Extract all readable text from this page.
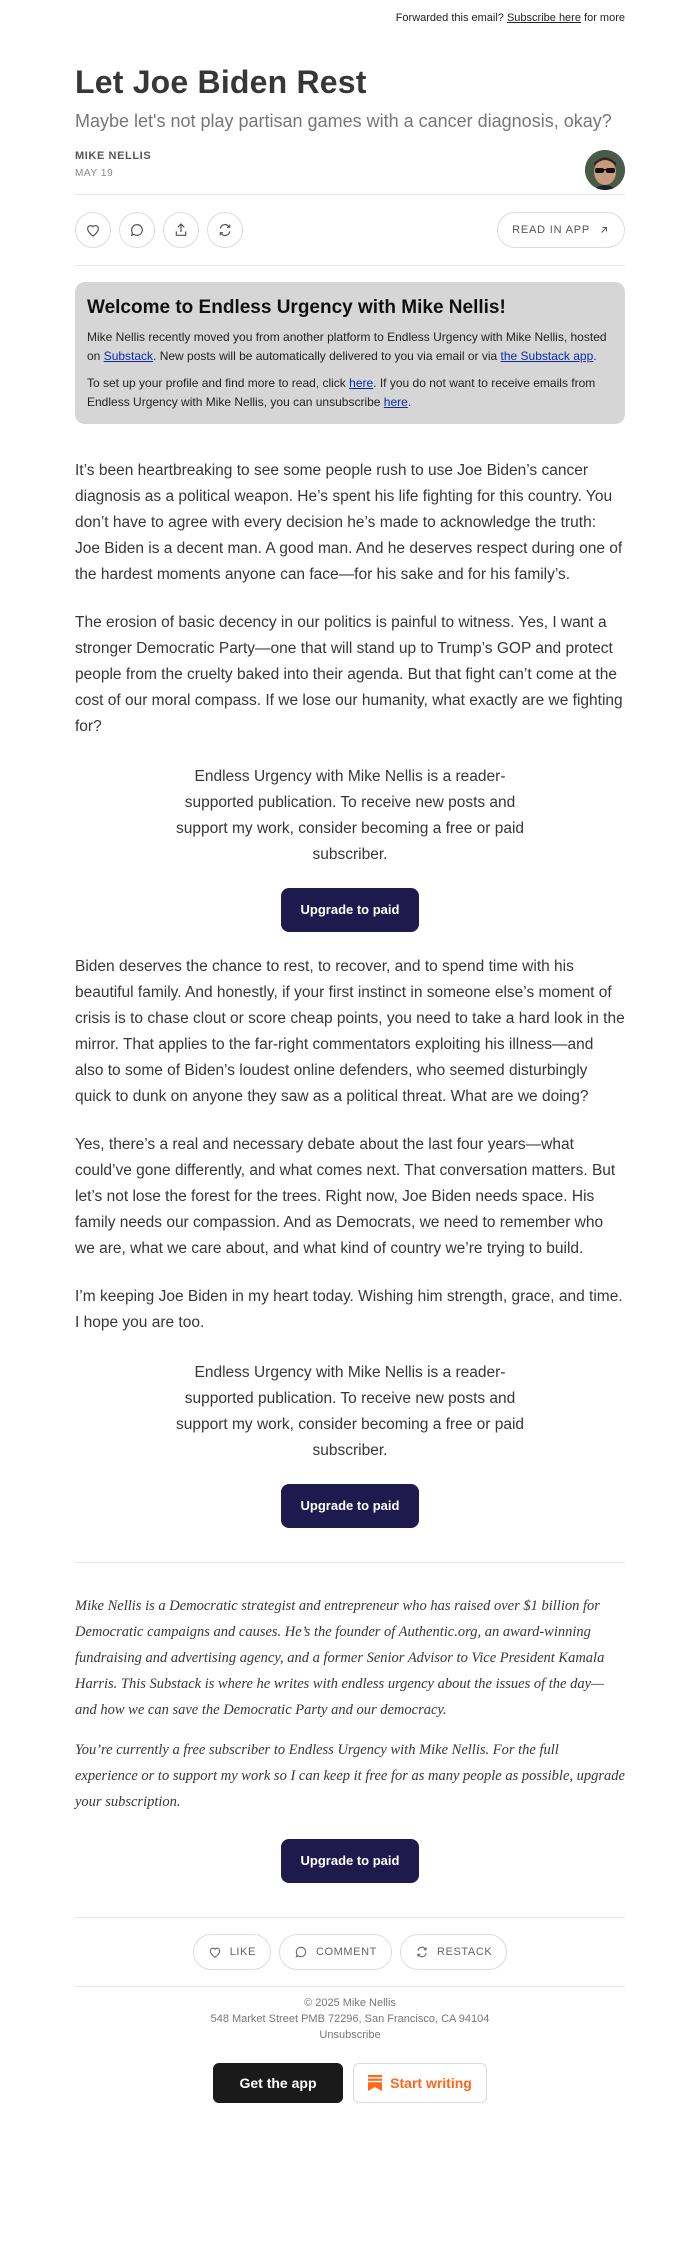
Forwarded this email? Subscribe here for more
Let Joe Biden Rest
Maybe let's not play partisan games with a cancer diagnosis, okay?
MIKE NELLIS
MAY 19
READ IN APP
Welcome to Endless Urgency with Mike Nellis!

Mike Nellis recently moved you from another platform to Endless Urgency with Mike Nellis, hosted on Substack. New posts will be automatically delivered to you via email or via the Substack app.

To set up your profile and find more to read, click here. If you do not want to receive emails from Endless Urgency with Mike Nellis, you can unsubscribe here.

It’s been heartbreaking to see some people rush to use Joe Biden’s cancer diagnosis as a political weapon. He’s spent his life fighting for this country. You don’t have to agree with every decision he’s made to acknowledge the truth: Joe Biden is a decent man. A good man. And he deserves respect during one of the hardest moments anyone can face—for his sake and for his family’s.

The erosion of basic decency in our politics is painful to witness. Yes, I want a stronger Democratic Party—one that will stand up to Trump’s GOP and protect people from the cruelty baked into their agenda. But that fight can’t come at the cost of our moral compass. If we lose our humanity, what exactly are we fighting for?

Endless Urgency with Mike Nellis is a reader-supported publication. To receive new posts and support my work, consider becoming a free or paid subscriber.

Upgrade to paid

Biden deserves the chance to rest, to recover, and to spend time with his beautiful family. And honestly, if your first instinct in someone else’s moment of crisis is to chase clout or score cheap points, you need to take a hard look in the mirror. That applies to the far-right commentators exploiting his illness—and also to some of Biden’s loudest online defenders, who seemed disturbingly quick to dunk on anyone they saw as a political threat. What are we doing?

Yes, there’s a real and necessary debate about the last four years—what could’ve gone differently, and what comes next. That conversation matters. But let’s not lose the forest for the trees. Right now, Joe Biden needs space. His family needs our compassion. And as Democrats, we need to remember who we are, what we care about, and what kind of country we’re trying to build.

I’m keeping Joe Biden in my heart today. Wishing him strength, grace, and time. I hope you are too.

Endless Urgency with Mike Nellis is a reader-supported publication. To receive new posts and support my work, consider becoming a free or paid subscriber.

Upgrade to paid

Mike Nellis is a Democratic strategist and entrepreneur who has raised over $1 billion for Democratic campaigns and causes. He’s the founder of Authentic.org, an award-winning fundraising and advertising agency, and a former Senior Advisor to Vice President Kamala Harris. This Substack is where he writes with endless urgency about the issues of the day—and how we can save the Democratic Party and our democracy.

You’re currently a free subscriber to Endless Urgency with Mike Nellis. For the full experience or to support my work so I can keep it free for as many people as possible, upgrade your subscription.

Upgrade to paid
LIKE	COMMENT	RESTACK
© 2025 Mike Nellis
548 Market Street PMB 72296, San Francisco, CA 94104
Unsubscribe
Get the app	Start writing
